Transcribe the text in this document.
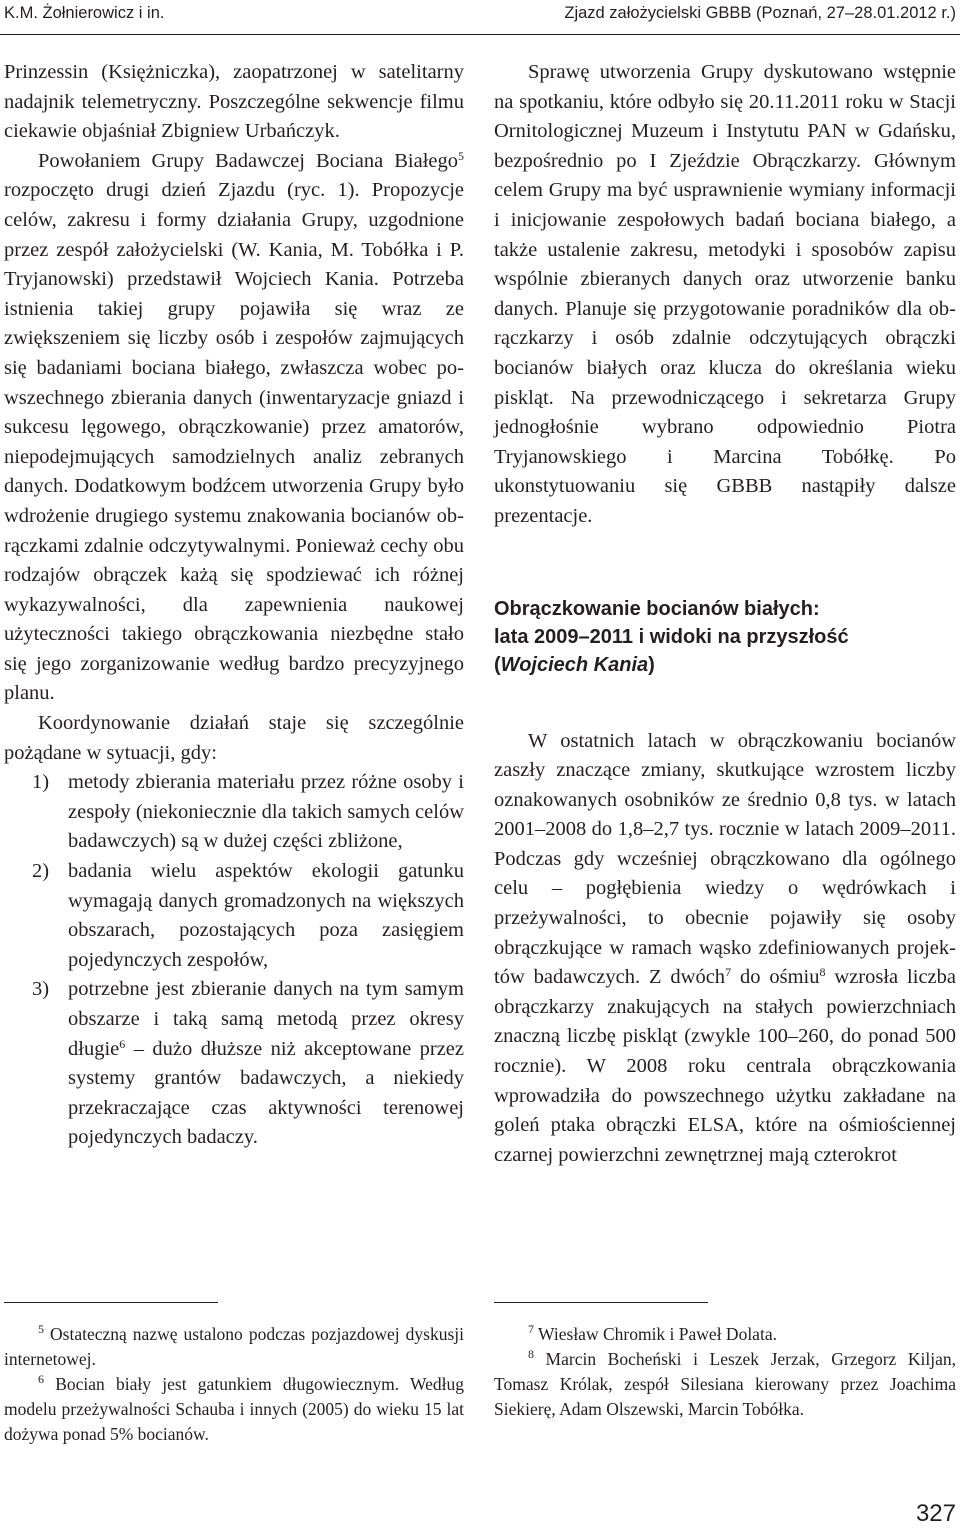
K.M. Żołnierowicz i in.	Zjazd założycielski GBBB (Poznań, 27–28.01.2012 r.)

Prinzessin (Księżniczka), zaopatrzonej w satelitarny nadajnik telemetryczny. Poszczególne sekwencje filmu ciekawie objaśniał Zbigniew Urbańczyk.

Powołaniem Grupy Badawczej Bociana Białego$^5$ rozpoczęto drugi dzień Zjazdu (ryc. 1). Propozycje celów, zakresu i formy działania Grupy, uzgodnione przez zespół założycielski (W. Kania, M. Tobółka i P. Tryjanowski) przedstawił Wojciech Kania. Potrzeba istnienia takiej grupy pojawiła się wraz ze zwiększeniem się liczby osób i zespołów zajmujących się badaniami bociana białego, zwłaszcza wobec powszechnego zbierania danych (inwentaryzacje gniazd i sukcesu lęgowego, obrączkowanie) przez amatorów, niepodejmujących samodzielnych analiz zebranych danych. Dodatkowym bodźcem utworzenia Grupy było wdrożenie drugiego systemu znakowania bocianów obrączkami zdalnie odczytywalnymi. Ponieważ cechy obu rodzajów obrączek każą się spodziewać ich różnej wykazywalności, dla zapewnienia naukowej użyteczności takiego obrączkowania niezbędne stało się jego zorganizowanie według bardzo precyzyjnego planu.

Koordynowanie działań staje się szczególnie pożądane w sytuacji, gdy:

1) metody zbierania materiału przez różne osoby i zespoły (niekoniecznie dla takich samych celów badawczych) są w dużej części zbliżone,
2) badania wielu aspektów ekologii gatunku wymagają danych gromadzonych na większych obszarach, pozostających poza zasięgiem pojedynczych zespołów,
3) potrzebne jest zbieranie danych na tym samym obszarze i taką samą metodą przez okresy długie$^6$ – dużo dłuższe niż akceptowane przez systemy grantów badawczych, a niekiedy przekraczające czas aktywności terenowej pojedynczych badaczy.

Sprawę utworzenia Grupy dyskutowano wstępnie na spotkaniu, które odbyło się 20.11.2011 roku w Stacji Ornitologicznej Muzeum i Instytutu PAN w Gdańsku, bezpośrednio po I Zjeździe Obrączkarzy. Głównym celem Grupy ma być usprawnienie wymiany informacji i inicjowanie zespołowych badań bociana białego, a także ustalenie zakresu, metodyki i sposobów zapisu wspólnie zbieranych danych oraz utworzenie banku danych. Planuje się przygotowanie poradników dla obrączkarzy i osób zdalnie odczytujących obrączki bocianów białych oraz klucza do określania wieku piskląt. Na przewodniczącego i sekretarza Grupy jednogłośnie wybrano odpowiednio Piotra Tryjanowskiego i Marcina Tobółkę. Po ukonstytuowaniu się GBBB nastąpiły dalsze prezentacje.

Obrączkowanie bocianów białych:
lata 2009–2011 i widoki na przyszłość
(Wojciech Kania)

W ostatnich latach w obrączkowaniu bocianów zaszły znaczące zmiany, skutkujące wzrostem liczby oznakowanych osobników ze średnio 0,8 tys. w latach 2001–2008 do 1,8–2,7 tys. rocznie w latach 2009–2011. Podczas gdy wcześniej obrączkowano dla ogólnego celu – pogłębienia wiedzy o wędrówkach i przeżywalności, to obecnie pojawiły się osoby obrączkujące w ramach wąsko zdefiniowanych projektów badawczych. Z dwóch$^7$ do ośmiu$^8$ wzrosła liczba obrączkarzy znakujących na stałych powierzchniach znaczną liczbę piskląt (zwykle 100–260, do ponad 500 rocznie). W 2008 roku centrala obrączkowania wprowadziła do powszechnego użytku zakładane na goleń ptaka obrączki ELSA, które na ośmiościennej czarnej powierzchni zewnętrznej mają czterokrot

$^5$ Ostateczną nazwę ustalono podczas pozjazdowej dyskusji internetowej.

$^6$ Bocian biały jest gatunkiem długowiecznym. Według modelu przeżywalności Schauba i innych (2005) do wieku 15 lat dożywa ponad 5% bocianów.

$^7$ Wiesław Chromik i Paweł Dolata.

$^8$ Marcin Bocheński i Leszek Jerzak, Grzegorz Kiljan, Tomasz Królak, zespół Silesiana kierowany przez Joachima Siekierę, Adam Olszewski, Marcin Tobółka.

327
